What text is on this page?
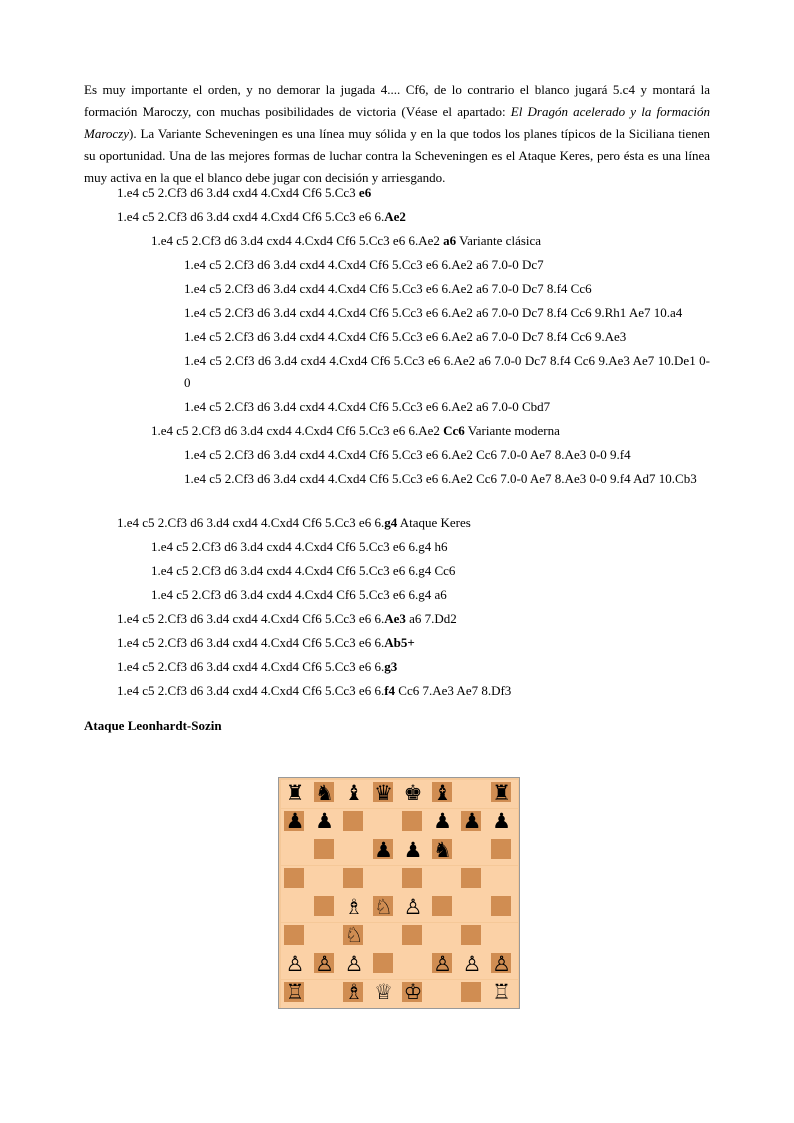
Es muy importante el orden, y no demorar la jugada 4.... Cf6, de lo contrario el blanco jugará 5.c4 y montará la formación Maroczy, con muchas posibilidades de victoria (Véase el apartado: El Dragón acelerado y la formación Maroczy). La Variante Scheveningen es una línea muy sólida y en la que todos los planes típicos de la Siciliana tienen su oportunidad. Una de las mejores formas de luchar contra la Scheveningen es el Ataque Keres, pero ésta es una línea muy activa en la que el blanco debe jugar con decisión y arriesgando.

1.e4 c5 2.Cf3 d6 3.d4 cxd4 4.Cxd4 Cf6 5.Cc3 e6
1.e4 c5 2.Cf3 d6 3.d4 cxd4 4.Cxd4 Cf6 5.Cc3 e6 6.Ae2
1.e4 c5 2.Cf3 d6 3.d4 cxd4 4.Cxd4 Cf6 5.Cc3 e6 6.Ae2 a6 Variante clásica
1.e4 c5 2.Cf3 d6 3.d4 cxd4 4.Cxd4 Cf6 5.Cc3 e6 6.Ae2 a6 7.0-0 Dc7
1.e4 c5 2.Cf3 d6 3.d4 cxd4 4.Cxd4 Cf6 5.Cc3 e6 6.Ae2 a6 7.0-0 Dc7 8.f4 Cc6
1.e4 c5 2.Cf3 d6 3.d4 cxd4 4.Cxd4 Cf6 5.Cc3 e6 6.Ae2 a6 7.0-0 Dc7 8.f4 Cc6 9.Rh1 Ae7 10.a4
1.e4 c5 2.Cf3 d6 3.d4 cxd4 4.Cxd4 Cf6 5.Cc3 e6 6.Ae2 a6 7.0-0 Dc7 8.f4 Cc6 9.Ae3
1.e4 c5 2.Cf3 d6 3.d4 cxd4 4.Cxd4 Cf6 5.Cc3 e6 6.Ae2 a6 7.0-0 Dc7 8.f4 Cc6 9.Ae3 Ae7 10.De1 0-0
1.e4 c5 2.Cf3 d6 3.d4 cxd4 4.Cxd4 Cf6 5.Cc3 e6 6.Ae2 a6 7.0-0 Cbd7
1.e4 c5 2.Cf3 d6 3.d4 cxd4 4.Cxd4 Cf6 5.Cc3 e6 6.Ae2 Cc6 Variante moderna
1.e4 c5 2.Cf3 d6 3.d4 cxd4 4.Cxd4 Cf6 5.Cc3 e6 6.Ae2 Cc6 7.0-0 Ae7 8.Ae3 0-0 9.f4
1.e4 c5 2.Cf3 d6 3.d4 cxd4 4.Cxd4 Cf6 5.Cc3 e6 6.Ae2 Cc6 7.0-0 Ae7 8.Ae3 0-0 9.f4 Ad7 10.Cb3
1.e4 c5 2.Cf3 d6 3.d4 cxd4 4.Cxd4 Cf6 5.Cc3 e6 6.g4 Ataque Keres
1.e4 c5 2.Cf3 d6 3.d4 cxd4 4.Cxd4 Cf6 5.Cc3 e6 6.g4 h6
1.e4 c5 2.Cf3 d6 3.d4 cxd4 4.Cxd4 Cf6 5.Cc3 e6 6.g4 Cc6
1.e4 c5 2.Cf3 d6 3.d4 cxd4 4.Cxd4 Cf6 5.Cc3 e6 6.g4 a6
1.e4 c5 2.Cf3 d6 3.d4 cxd4 4.Cxd4 Cf6 5.Cc3 e6 6.Ae3 a6 7.Dd2
1.e4 c5 2.Cf3 d6 3.d4 cxd4 4.Cxd4 Cf6 5.Cc3 e6 6.Ab5+
1.e4 c5 2.Cf3 d6 3.d4 cxd4 4.Cxd4 Cf6 5.Cc3 e6 6.g3
1.e4 c5 2.Cf3 d6 3.d4 cxd4 4.Cxd4 Cf6 5.Cc3 e6 6.f4 Cc6 7.Ae3 Ae7 8.Df3
Ataque Leonhardt-Sozin
♜ ♞ ♝ ♛ ♚ ♝ ♜
♟ ♟	♟ ♟ ♟
♟ ♟ ♞
♗ ♘ ♙
♘
♙ ♙ ♙	♙ ♙ ♙
♖ ♗ ♕ ♔	♖
